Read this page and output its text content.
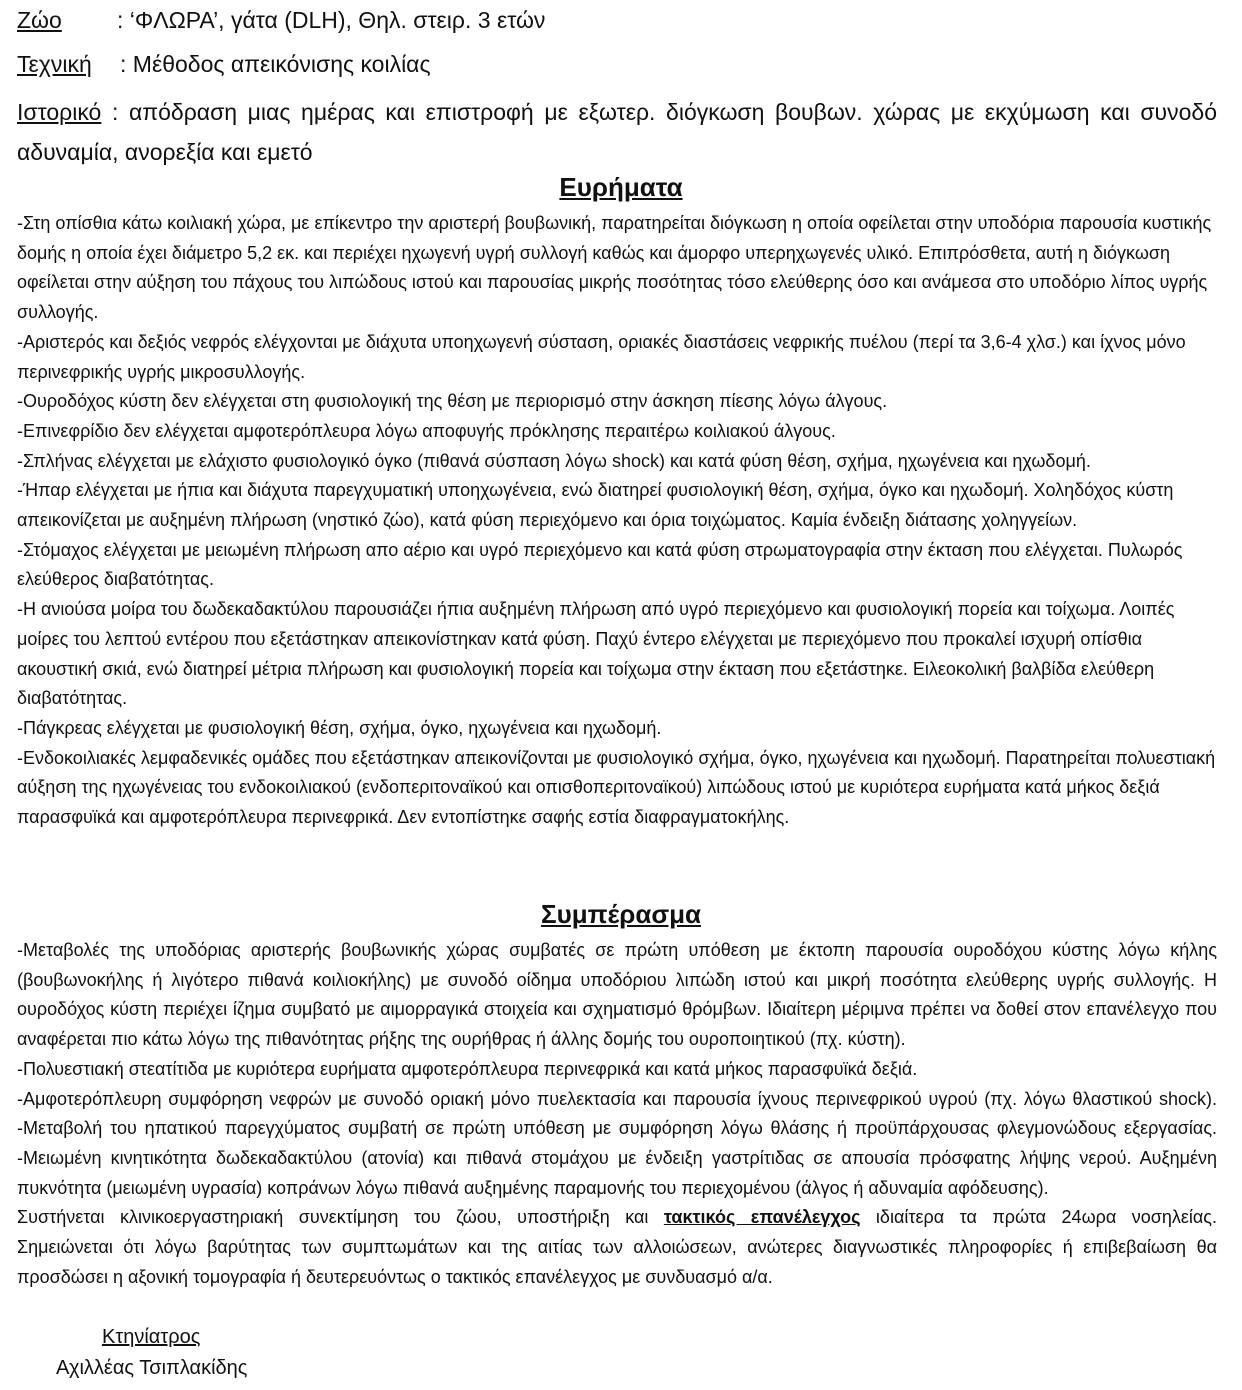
Ζώο : ‘ΦΛΩΡΑ’, γάτα (DLH), Θηλ. στειρ. 3 ετών
Τεχνική : Μέθοδος απεικόνισης κοιλίας
Ιστορικό : απόδραση μιας ημέρας και επιστροφή με εξωτερ. διόγκωση βουβων. χώρας με εκχύμωση και συνοδό αδυναμία, ανορεξία και εμετό
Ευρήματα

-Στη οπίσθια κάτω κοιλιακή χώρα, με επίκεντρο την αριστερή βουβωνική, παρατηρείται διόγκωση η οποία οφείλεται στην υποδόρια παρουσία κυστικής δομής η οποία έχει διάμετρο 5,2 εκ. και περιέχει ηχωγενή υγρή συλλογή καθώς και άμορφο υπερηχωγενές υλικό. Επιπρόσθετα, αυτή η διόγκωση οφείλεται στην αύξηση του πάχους του λιπώδους ιστού και παρουσίας μικρής ποσότητας τόσο ελεύθερης όσο και ανάμεσα στο υποδόριο λίπος υγρής συλλογής.

-Αριστερός και δεξιός νεφρός ελέγχονται με διάχυτα υποηχωγενή σύσταση, οριακές διαστάσεις νεφρικής πυέλου (περί τα 3,6-4 χλσ.) και ίχνος μόνο περινεφρικής υγρής μικροσυλλογής.

-Ουροδόχος κύστη δεν ελέγχεται στη φυσιολογική της θέση με περιορισμό στην άσκηση πίεσης λόγω άλγους.

-Επινεφρίδιο δεν ελέγχεται αμφοτερόπλευρα λόγω αποφυγής πρόκλησης περαιτέρω κοιλιακού άλγους.

-Σπλήνας ελέγχεται με ελάχιστο φυσιολογικό όγκο (πιθανά σύσπαση λόγω shock) και κατά φύση θέση, σχήμα, ηχωγένεια και ηχωδομή.

-Ήπαρ ελέγχεται με ήπια και διάχυτα παρεγχυματική υποηχωγένεια, ενώ διατηρεί φυσιολογική θέση, σχήμα, όγκο και ηχωδομή. Χοληδόχος κύστη απεικονίζεται με αυξημένη πλήρωση (νηστικό ζώο), κατά φύση περιεχόμενο και όρια τοιχώματος. Καμία ένδειξη διάτασης χοληγγείων.

-Στόμαχος ελέγχεται με μειωμένη πλήρωση απο αέριο και υγρό περιεχόμενο και κατά φύση στρωματογραφία στην έκταση που ελέγχεται. Πυλωρός ελεύθερος διαβατότητας.

-Η ανιούσα μοίρα του δωδεκαδακτύλου παρουσιάζει ήπια αυξημένη πλήρωση από υγρό περιεχόμενο και φυσιολογική πορεία και τοίχωμα. Λοιπές μοίρες του λεπτού εντέρου που εξετάστηκαν απεικονίστηκαν κατά φύση. Παχύ έντερο ελέγχεται με περιεχόμενο που προκαλεί ισχυρή οπίσθια ακουστική σκιά, ενώ διατηρεί μέτρια πλήρωση και φυσιολογική πορεία και τοίχωμα στην έκταση που εξετάστηκε. Ειλεοκολική βαλβίδα ελεύθερη διαβατότητας.

-Πάγκρεας ελέγχεται με φυσιολογική θέση, σχήμα, όγκο, ηχωγένεια και ηχωδομή.

-Ενδοκοιλιακές λεμφαδενικές ομάδες που εξετάστηκαν απεικονίζονται με φυσιολογικό σχήμα, όγκο, ηχωγένεια και ηχωδομή. Παρατηρείται πολυεστιακή αύξηση της ηχωγένειας του ενδοκοιλιακού (ενδοπεριτοναϊκού και οπισθοπεριτοναϊκού) λιπώδους ιστού με κυριότερα ευρήματα κατά μήκος δεξιά παρασφυϊκά και αμφοτερόπλευρα περινεφρικά. Δεν εντοπίστηκε σαφής εστία διαφραγματοκήλης.

Συμπέρασμα

-Μεταβολές της υποδόριας αριστερής βουβωνικής χώρας συμβατές σε πρώτη υπόθεση με έκτοπη παρουσία ουροδόχου κύστης λόγω κήλης (βουβωνοκήλης ή λιγότερο πιθανά κοιλιοκήλης) με συνοδό οίδημα υποδόριου λιπώδη ιστού και μικρή ποσότητα ελεύθερης υγρής συλλογής. Η ουροδόχος κύστη περιέχει ίζημα συμβατό με αιμορραγικά στοιχεία και σχηματισμό θρόμβων. Ιδιαίτερη μέριμνα πρέπει να δοθεί στον επανέλεγχο που αναφέρεται πιο κάτω λόγω της πιθανότητας ρήξης της ουρήθρας ή άλλης δομής του ουροποιητικού (πχ. κύστη).

-Πολυεστιακή στεατίτιδα με κυριότερα ευρήματα αμφοτερόπλευρα περινεφρικά και κατά μήκος παρασφυϊκά δεξιά.

-Αμφοτερόπλευρη συμφόρηση νεφρών με συνοδό οριακή μόνο πυελεκτασία και παρουσία ίχνους περινεφρικού υγρού (πχ. λόγω θλαστικού shock). -Μεταβολή του ηπατικού παρεγχύματος συμβατή σε πρώτη υπόθεση με συμφόρηση λόγω θλάσης ή προϋπάρχουσας φλεγμονώδους εξεργασίας. -Μειωμένη κινητικότητα δωδεκαδακτύλου (ατονία) και πιθανά στομάχου με ένδειξη γαστρίτιδας σε απουσία πρόσφατης λήψης νερού. Αυξημένη πυκνότητα (μειωμένη υγρασία) κοπράνων λόγω πιθανά αυξημένης παραμονής του περιεχομένου (άλγος ή αδυναμία αφόδευσης).

Συστήνεται κλινικοεργαστηριακή συνεκτίμηση του ζώου, υποστήριξη και τακτικός επανέλεγχος ιδιαίτερα τα πρώτα 24ωρα νοσηλείας.

Σημειώνεται ότι λόγω βαρύτητας των συμπτωμάτων και της αιτίας των αλλοιώσεων, ανώτερες διαγνωστικές πληροφορίες ή επιβεβαίωση θα προσδώσει η αξονική τομογραφία ή δευτερευόντως ο τακτικός επανέλεγχος με συνδυασμό α/α.

Κτηνίατρος
Αχιλλέας Τσιπλακίδης
